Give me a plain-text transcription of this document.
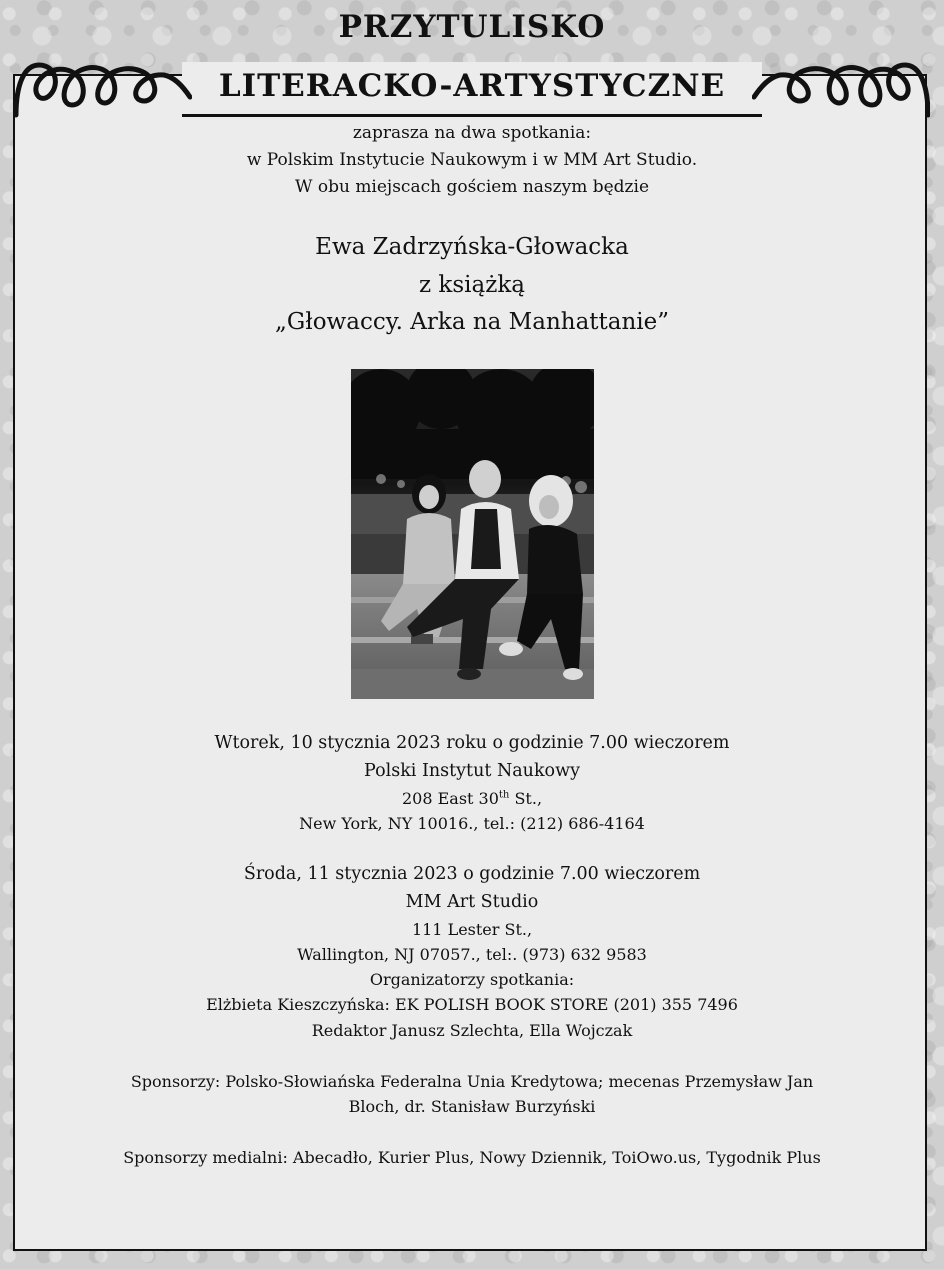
PRZYTULISKO
LITERACKO-ARTYSTYCZNE
zaprasza na dwa spotkania:
w Polskim Instytucie Naukowym i w MM Art Studio.
W obu miejscach gościem naszym będzie
Ewa Zadrzyńska-Głowacka
z książką
„Głowaccy. Arka na Manhattanie”
Wtorek, 10 stycznia 2023 roku o godzinie 7.00 wieczorem
Polski Instytut Naukowy
208 East 30th St.,
New York, NY 10016., tel.: (212) 686-4164
Środa, 11 stycznia 2023 o godzinie 7.00 wieczorem
MM Art Studio
111 Lester St.,
Wallington, NJ 07057., tel:. (973) 632 9583
Organizatorzy spotkania:
Elżbieta Kieszczyńska: EK POLISH BOOK STORE (201) 355 7496
Redaktor Janusz Szlechta, Ella Wojczak
Sponsorzy: Polsko-Słowiańska Federalna Unia Kredytowa; mecenas Przemysław Jan
Bloch, dr. Stanisław Burzyński
Sponsorzy medialni: Abecadło, Kurier Plus, Nowy Dziennik, ToiOwo.us, Tygodnik Plus
